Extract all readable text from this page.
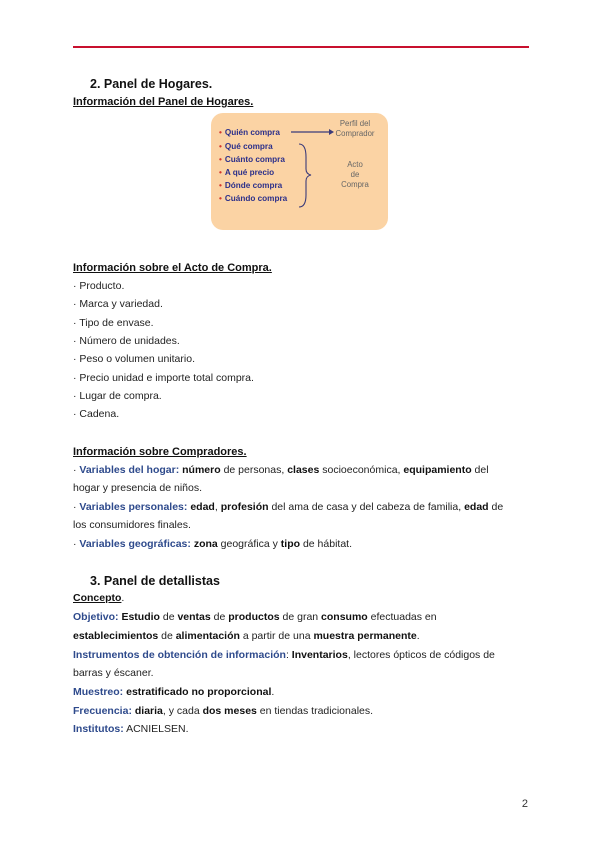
2. Panel de Hogares.
Información del Panel de Hogares.
• Quién compra
• Qué compra
• Cuánto compra
• A qué precio
• Dónde compra
• Cuándo compra
Perfil del
Comprador
Acto
de
Compra
Información sobre el Acto de Compra.
· Producto.
· Marca y variedad.
· Tipo de envase.
· Número de unidades.
· Peso o volumen unitario.
· Precio unidad e importe total compra.
· Lugar de compra.
· Cadena.
Información sobre Compradores.
· Variables del hogar: número de personas, clases socioeconómica, equipamiento del
hogar y presencia de niños.
· Variables personales: edad, profesión del ama de casa y del cabeza de familia, edad de
los consumidores finales.
· Variables geográficas: zona geográfica y tipo de hábitat.
3. Panel de detallistas
Concepto.
Objetivo: Estudio de ventas de productos de gran consumo efectuadas en
establecimientos de alimentación a partir de una muestra permanente.
Instrumentos de obtención de información: Inventarios, lectores ópticos de códigos de
barras y éscaner.
Muestreo: estratificado no proporcional.
Frecuencia: diaria, y cada dos meses en tiendas tradicionales.
Institutos: ACNIELSEN.
2
